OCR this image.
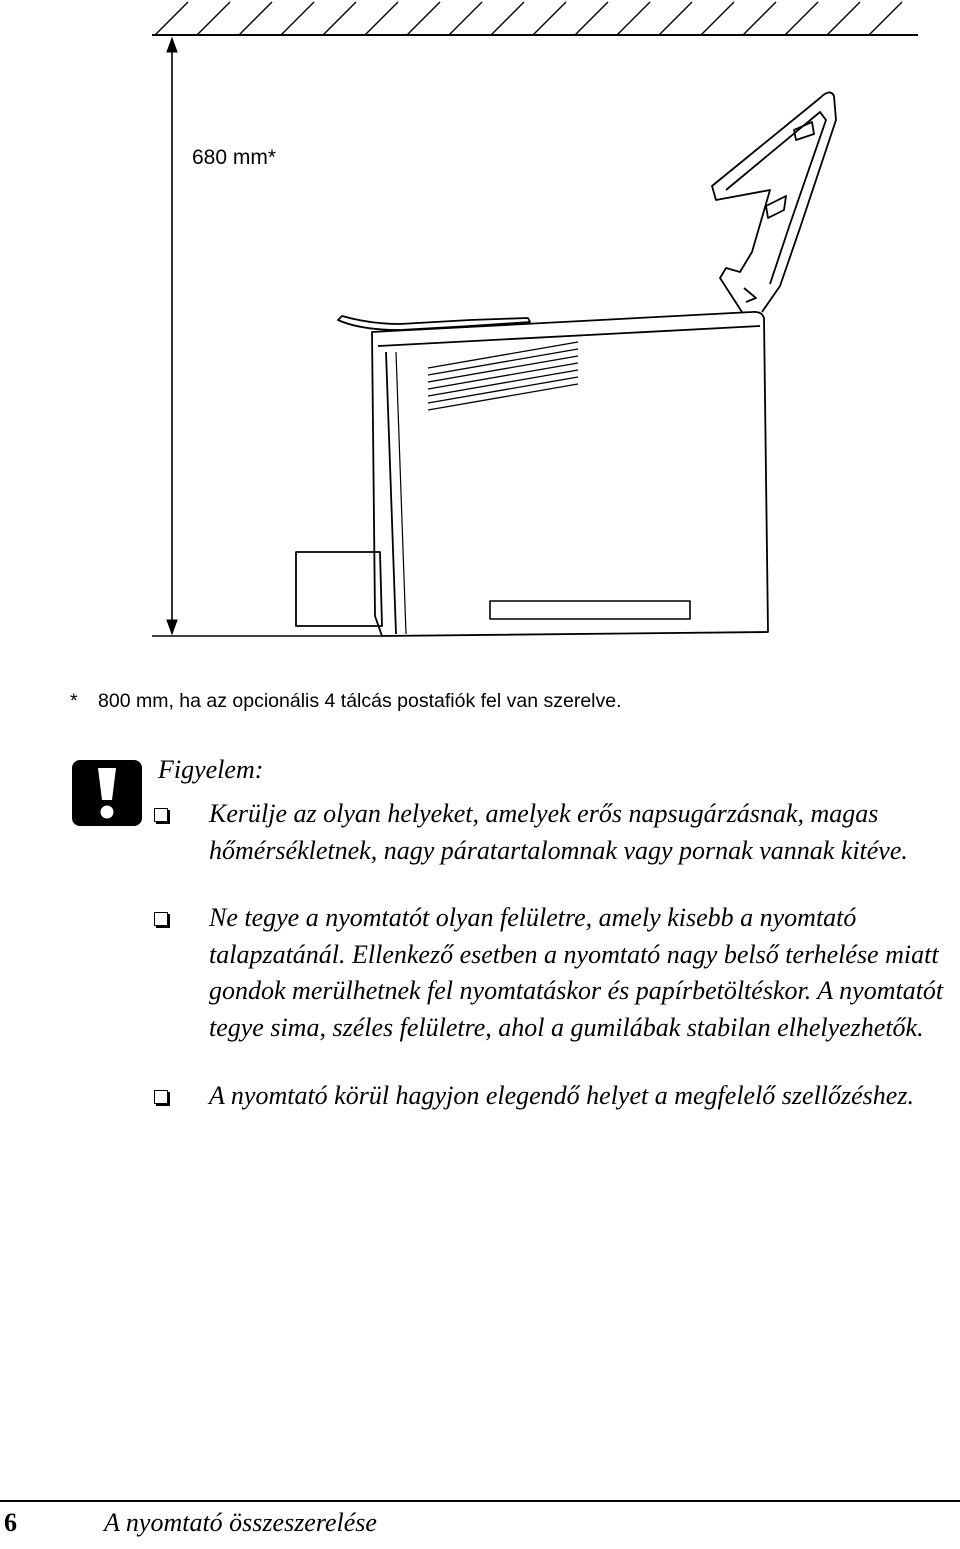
680 mm*
* 800 mm, ha az opcionális 4 tálcás postafiók fel van szerelve.
Figyelem:
Kerülje az olyan helyeket, amelyek erős napsugárzásnak, magas hőmérsékletnek, nagy páratartalomnak vagy pornak vannak kitéve.
Ne tegye a nyomtatót olyan felületre, amely kisebb a nyomtató talapzatánál. Ellenkező esetben a nyomtató nagy belső terhelése miatt gondok merülhetnek fel nyomtatáskor és papírbetöltéskor. A nyomtatót tegye sima, széles felületre, ahol a gumilábak stabilan elhelyezhetők.
A nyomtató körül hagyjon elegendő helyet a megfelelő szellőzéshez.
6	A nyomtató összeszerelése
